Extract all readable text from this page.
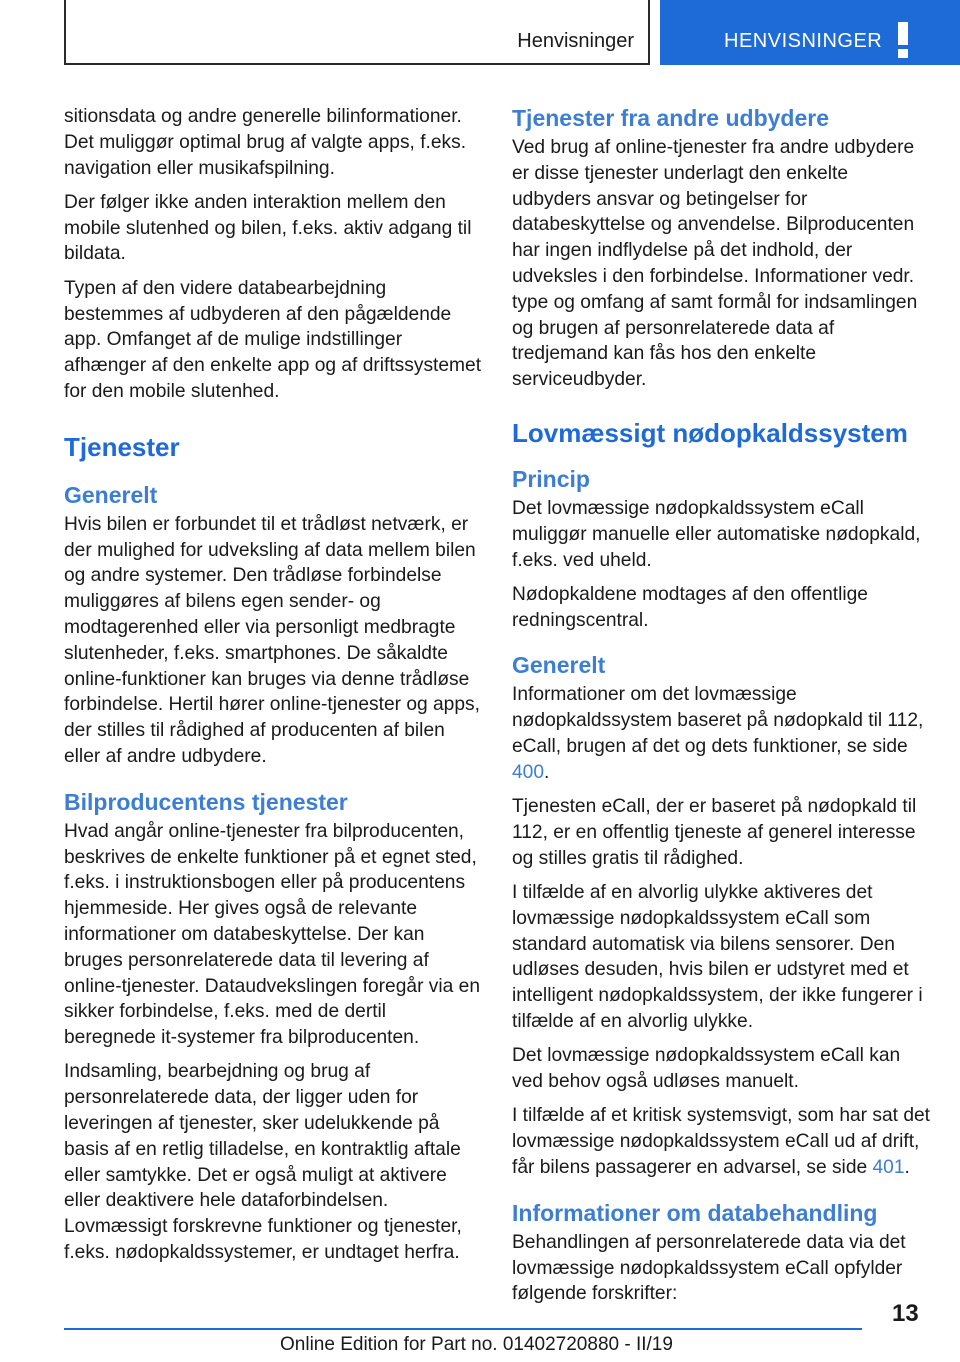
Henvisninger	HENVISNINGER

sitionsdata og andre generelle bilinformationer. Det muliggør optimal brug af valgte apps, f.eks. navigation eller musikafspilning.

Der følger ikke anden interaktion mellem den mobile slutenhed og bilen, f.eks. aktiv adgang til bildata.

Typen af den videre databearbejdning bestemmes af udbyderen af den pågældende app. Omfanget af de mulige indstillinger afhænger af den enkelte app og af driftssystemet for den mobile slutenhed.

Tjenester
Generelt

Hvis bilen er forbundet til et trådløst netværk, er der mulighed for udveksling af data mellem bilen og andre systemer. Den trådløse forbindelse muliggøres af bilens egen sender- og modtagerenhed eller via personligt medbragte slutenheder, f.eks. smartphones. De såkaldte online-funktioner kan bruges via denne trådløse forbindelse. Hertil hører online-tjenester og apps, der stilles til rådighed af producenten af bilen eller af andre udbydere.

Bilproducentens tjenester

Hvad angår online-tjenester fra bilproducenten, beskrives de enkelte funktioner på et egnet sted, f.eks. i instruktionsbogen eller på producentens hjemmeside. Her gives også de relevante informationer om databeskyttelse. Der kan bruges personrelaterede data til levering af online-tjenester. Dataudvekslingen foregår via en sikker forbindelse, f.eks. med de dertil beregnede it-systemer fra bilproducenten.

Indsamling, bearbejdning og brug af personrelaterede data, der ligger uden for leveringen af tjenester, sker udelukkende på basis af en retlig tilladelse, en kontraktlig aftale eller samtykke. Det er også muligt at aktivere eller deaktivere hele dataforbindelsen. Lovmæssigt forskrevne funktioner og tjenester, f.eks. nødopkaldssystemer, er undtaget herfra.

Tjenester fra andre udbydere

Ved brug af online-tjenester fra andre udbydere er disse tjenester underlagt den enkelte udbyders ansvar og betingelser for databeskyttelse og anvendelse. Bilproducenten har ingen indflydelse på det indhold, der udveksles i den forbindelse. Informationer vedr. type og omfang af samt formål for indsamlingen og brugen af personrelaterede data af tredjemand kan fås hos den enkelte serviceudbyder.

Lovmæssigt nødopkaldssystem
Princip

Det lovmæssige nødopkaldssystem eCall muliggør manuelle eller automatiske nødopkald, f.eks. ved uheld.

Nødopkaldene modtages af den offentlige redningscentral.

Generelt

Informationer om det lovmæssige nødopkaldssystem baseret på nødopkald til 112, eCall, brugen af det og dets funktioner, se side 400.

Tjenesten eCall, der er baseret på nødopkald til 112, er en offentlig tjeneste af generel interesse og stilles gratis til rådighed.

I tilfælde af en alvorlig ulykke aktiveres det lovmæssige nødopkaldssystem eCall som standard automatisk via bilens sensorer. Den udløses desuden, hvis bilen er udstyret med et intelligent nødopkaldssystem, der ikke fungerer i tilfælde af en alvorlig ulykke.

Det lovmæssige nødopkaldssystem eCall kan ved behov også udløses manuelt.

I tilfælde af et kritisk systemsvigt, som har sat det lovmæssige nødopkaldssystem eCall ud af drift, får bilens passagerer en advarsel, se side 401.

Informationer om databehandling

Behandlingen af personrelaterede data via det lovmæssige nødopkaldssystem eCall opfylder følgende forskrifter:

13
Online Edition for Part no. 01402720880 - II/19
